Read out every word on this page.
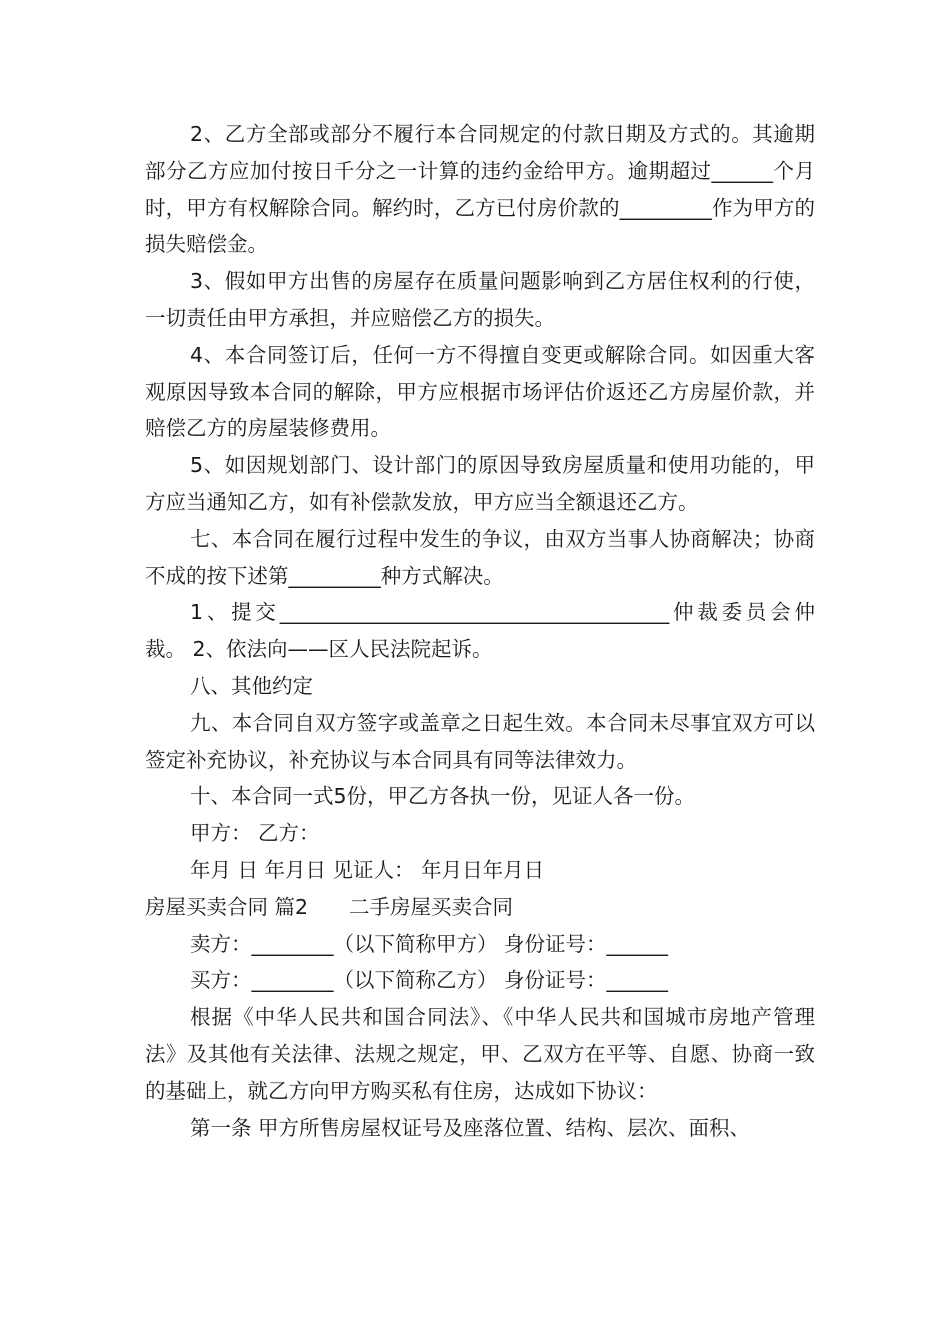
2、乙方全部或部分不履行本合同规定的付款日期及方式的。其逾期部分乙方应加付按日千分之一计算的违约金给甲方。逾期超过______个月时，甲方有权解除合同。解约时，乙方已付房价款的_________作为甲方的损失赔偿金。

3、假如甲方出售的房屋存在质量问题影响到乙方居住权利的行使，一切责任由甲方承担，并应赔偿乙方的损失。

4、本合同签订后，任何一方不得擅自变更或解除合同。如因重大客观原因导致本合同的解除，甲方应根据市场评估价返还乙方房屋价款，并赔偿乙方的房屋装修费用。

5、如因规划部门、设计部门的原因导致房屋质量和使用功能的，甲方应当通知乙方，如有补偿款发放，甲方应当全额退还乙方。

七、本合同在履行过程中发生的争议，由双方当事人协商解决；协商不成的按下述第_________种方式解决。

1、提交______________________________________仲裁委员会仲裁。 2、依法向——区人民法院起诉。

八、其他约定

九、本合同自双方签字或盖章之日起生效。本合同未尽事宜双方可以签定补充协议，补充协议与本合同具有同等法律效力。

十、本合同一式5份，甲乙方各执一份，见证人各一份。

甲方： 乙方：

年月 日 年月日 见证人： 年月日年月日

房屋买卖合同 篇2　　二手房屋买卖合同

卖方：________（以下简称甲方） 身份证号：______

买方：________（以下简称乙方） 身份证号：______

根据《中华人民共和国合同法》、《中华人民共和国城市房地产管理法》及其他有关法律、法规之规定，甲、乙双方在平等、自愿、协商一致的基础上，就乙方向甲方购买私有住房，达成如下协议：

第一条 甲方所售房屋权证号及座落位置、结构、层次、面积、
